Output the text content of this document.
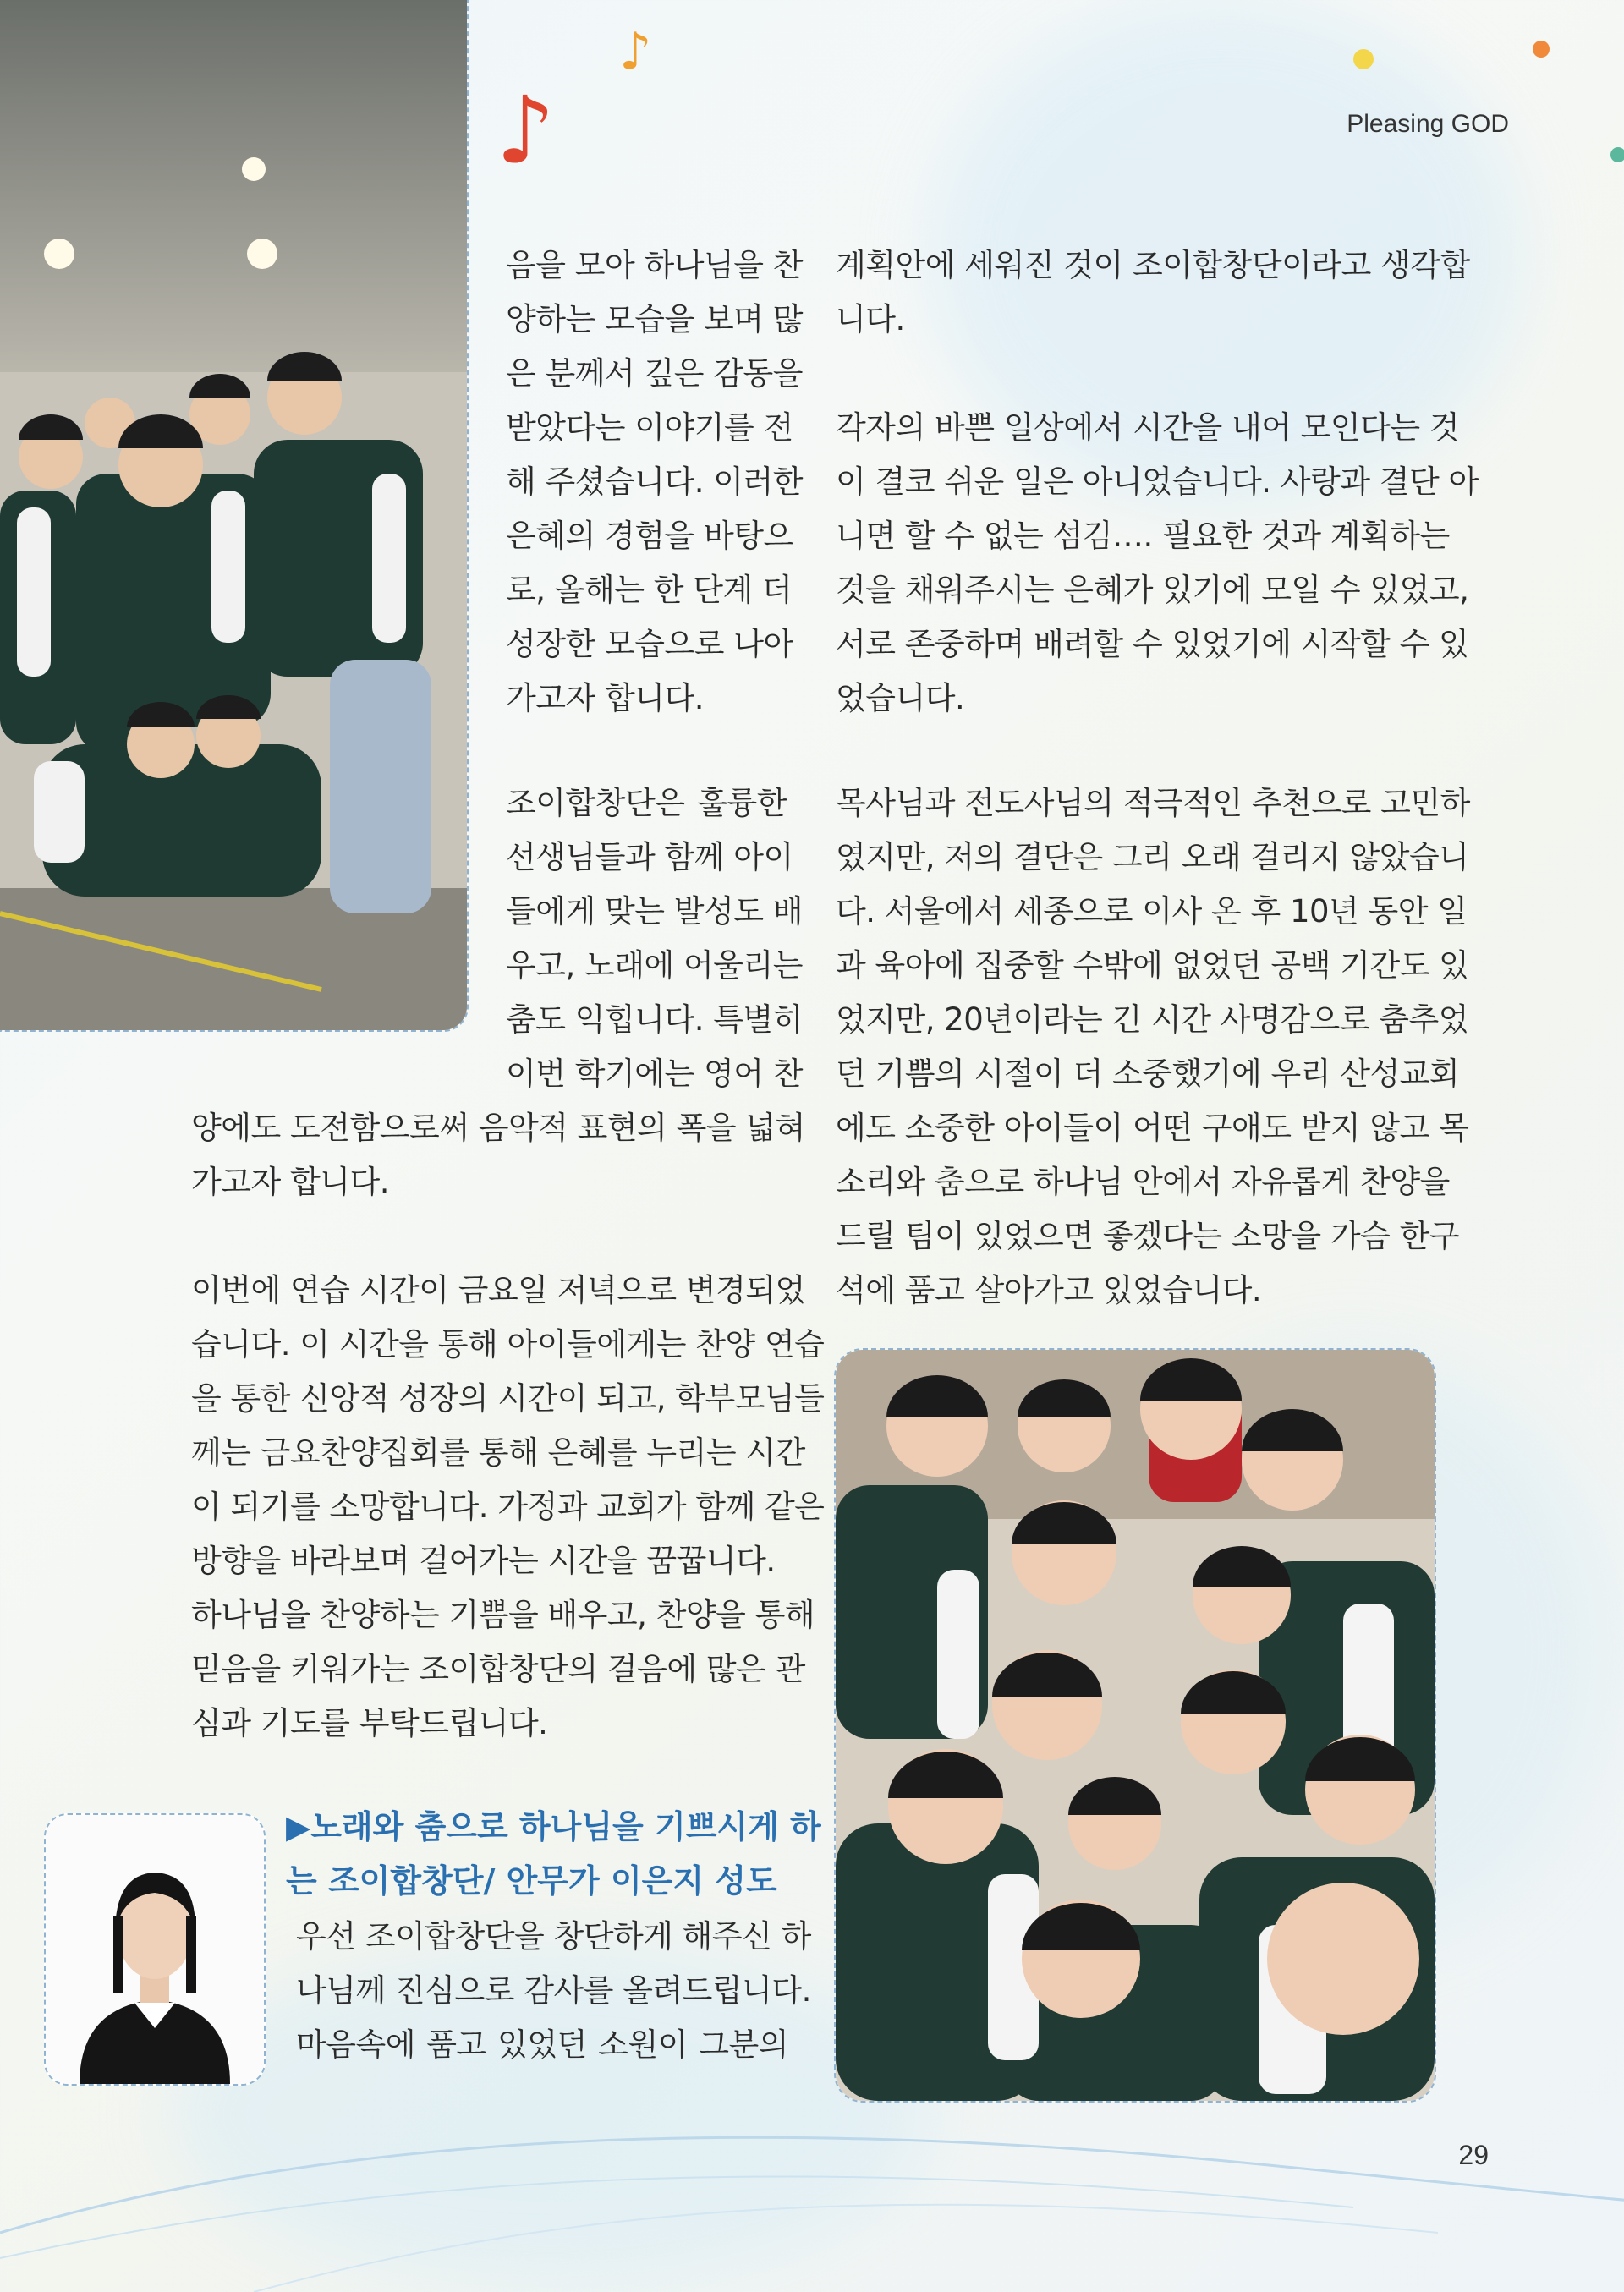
♪
♪
Pleasing GOD
음을 모아 하나님을 찬
양하는 모습을 보며 많
은 분께서 깊은 감동을
받았다는 이야기를 전
해 주셨습니다. 이러한
은혜의 경험을 바탕으
로, 올해는 한 단계 더
성장한 모습으로 나아
가고자 합니다.
조이합창단은 훌륭한
선생님들과 함께 아이
들에게 맞는 발성도 배
우고, 노래에 어울리는
춤도 익힙니다. 특별히
이번 학기에는 영어 찬
양에도 도전함으로써 음악적 표현의 폭을 넓혀
가고자 합니다.
이번에 연습 시간이 금요일 저녁으로 변경되었
습니다. 이 시간을 통해 아이들에게는 찬양 연습
을 통한 신앙적 성장의 시간이 되고, 학부모님들
께는 금요찬양집회를 통해 은혜를 누리는 시간
이 되기를 소망합니다. 가정과 교회가 함께 같은
방향을 바라보며 걸어가는 시간을 꿈꿉니다.
하나님을 찬양하는 기쁨을 배우고, 찬양을 통해
믿음을 키워가는 조이합창단의 걸음에 많은 관
심과 기도를 부탁드립니다.
▶노래와 춤으로 하나님을 기쁘시게 하
는 조이합창단/ 안무가 이은지 성도
우선 조이합창단을 창단하게 해주신 하
나님께 진심으로 감사를 올려드립니다.
마음속에 품고 있었던 소원이 그분의
계획안에 세워진 것이 조이합창단이라고 생각합
니다.
각자의 바쁜 일상에서 시간을 내어 모인다는 것
이 결코 쉬운 일은 아니었습니다. 사랑과 결단 아
니면 할 수 없는 섬김…. 필요한 것과 계획하는
것을 채워주시는 은혜가 있기에 모일 수 있었고,
서로 존중하며 배려할 수 있었기에 시작할 수 있
었습니다.
목사님과 전도사님의 적극적인 추천으로 고민하
였지만, 저의 결단은 그리 오래 걸리지 않았습니
다. 서울에서 세종으로 이사 온 후 10년 동안 일
과 육아에 집중할 수밖에 없었던 공백 기간도 있
었지만, 20년이라는 긴 시간 사명감으로 춤추었
던 기쁨의 시절이 더 소중했기에 우리 산성교회
에도 소중한 아이들이 어떤 구애도 받지 않고 목
소리와 춤으로 하나님 안에서 자유롭게 찬양을
드릴 팀이 있었으면 좋겠다는 소망을 가슴 한구
석에 품고 살아가고 있었습니다.
29
